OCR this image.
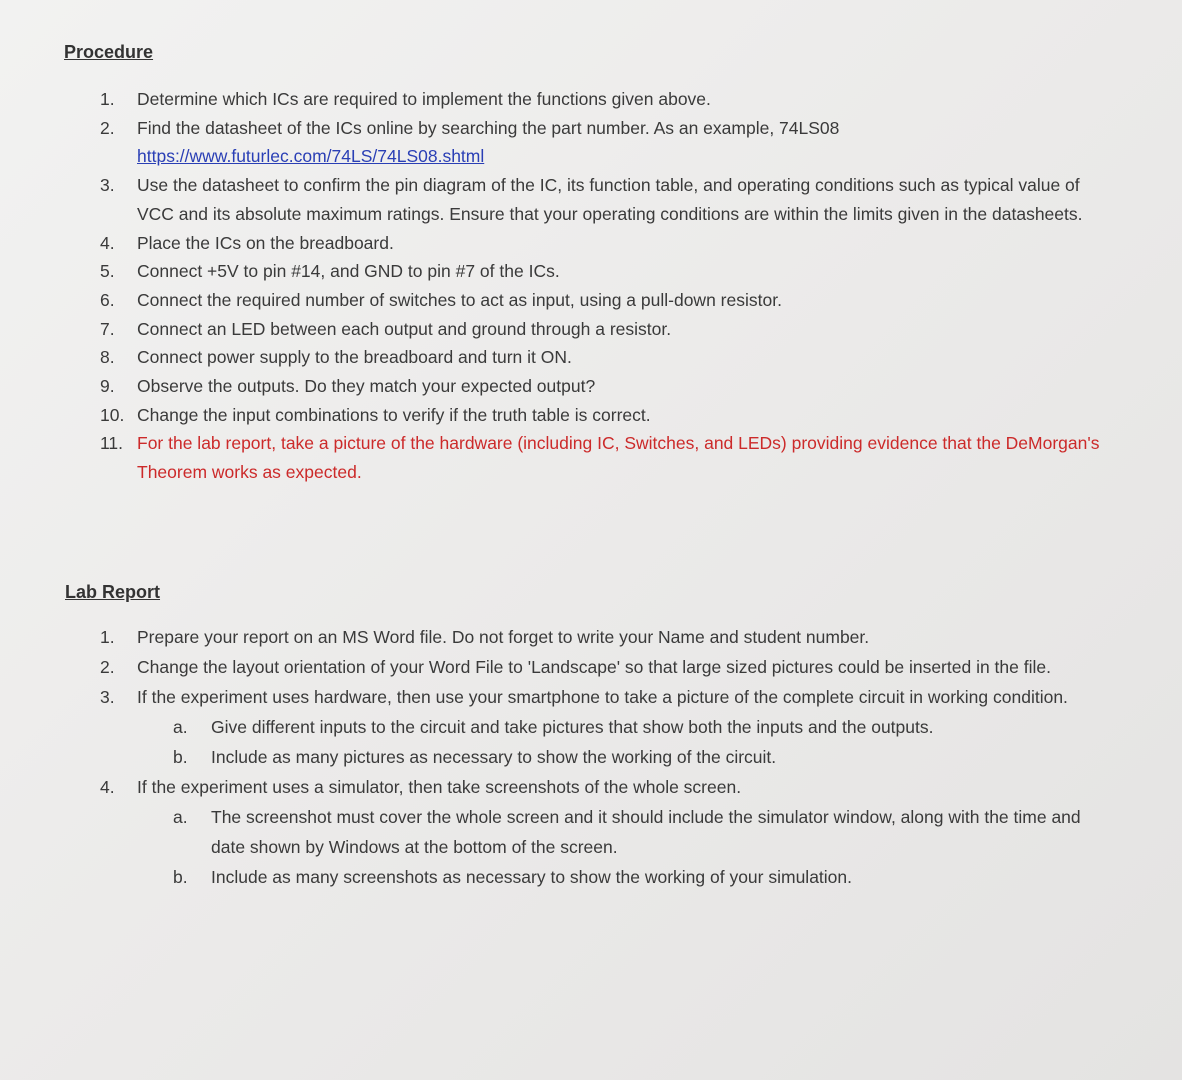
Procedure
1.	Determine which ICs are required to implement the functions given above.
2.	Find the datasheet of the ICs online by searching the part number. As an example, 74LS08
https://www.futurlec.com/74LS/74LS08.shtml
3.	Use the datasheet to confirm the pin diagram of the IC, its function table, and operating conditions such as typical value of VCC and its absolute maximum ratings. Ensure that your operating conditions are within the limits given in the datasheets.
4.	Place the ICs on the breadboard.
5.	Connect +5V to pin #14, and GND to pin #7 of the ICs.
6.	Connect the required number of switches to act as input, using a pull-down resistor.
7.	Connect an LED between each output and ground through a resistor.
8.	Connect power supply to the breadboard and turn it ON.
9.	Observe the outputs. Do they match your expected output?
10. Change the input combinations to verify if the truth table is correct.
11. For the lab report, take a picture of the hardware (including IC, Switches, and LEDs) providing evidence that the DeMorgan's Theorem works as expected.
Lab Report
1.	Prepare your report on an MS Word file. Do not forget to write your Name and student number.
2.	Change the layout orientation of your Word File to 'Landscape' so that large sized pictures could be inserted in the file.
3.	If the experiment uses hardware, then use your smartphone to take a picture of the complete circuit in working condition.
a.	Give different inputs to the circuit and take pictures that show both the inputs and the outputs.
b.	Include as many pictures as necessary to show the working of the circuit.
4.	If the experiment uses a simulator, then take screenshots of the whole screen.
a.	The screenshot must cover the whole screen and it should include the simulator window, along with the time and date shown by Windows at the bottom of the screen.
b.	Include as many screenshots as necessary to show the working of your simulation.
